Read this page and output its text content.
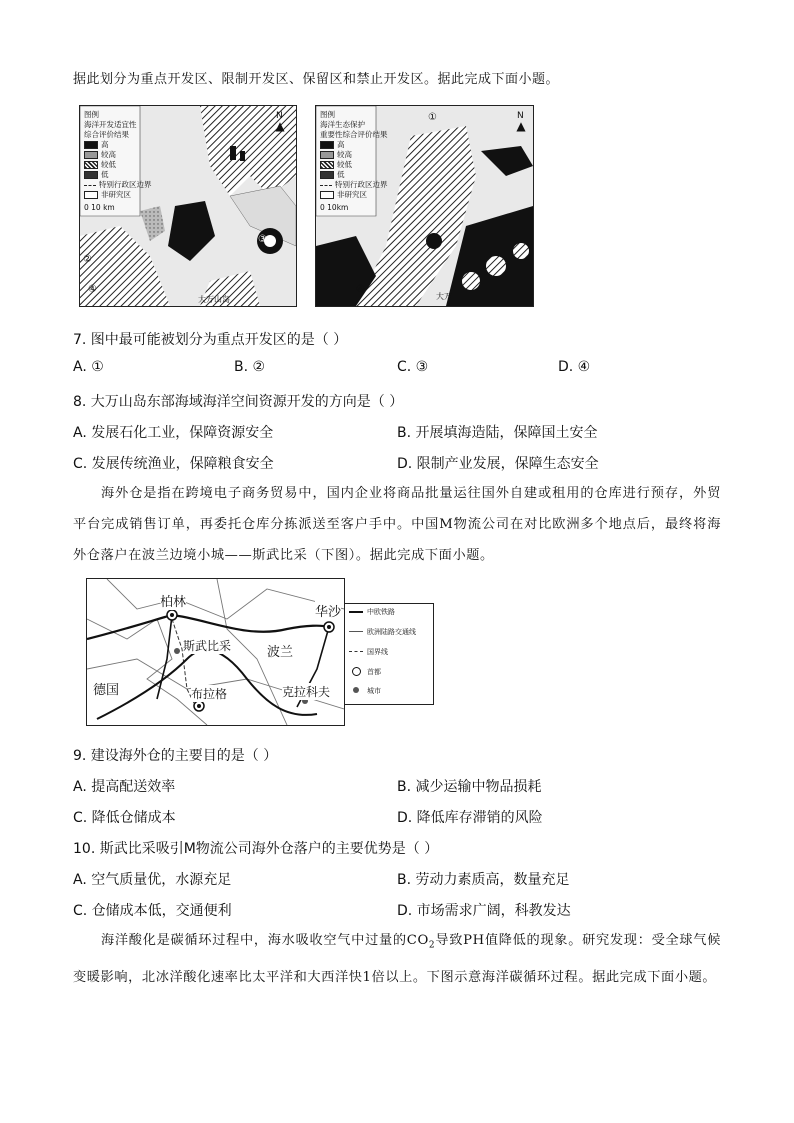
据此划分为重点开发区、限制开发区、保留区和禁止开发区。据此完成下面小题。
▲
图例
海洋开发适宜性
综合评价结果
高
较高
较低
低
特别行政区边界
非研究区
0 10 km
N
②
③
④
大万山岛
▲
图例
海洋生态保护
重要性综合评价结果
高
较高
较低
低
特别行政区边界
非研究区
0 10km
N
①
④
大万
7. 图中最可能被划分为重点开发区的是（ ）
A. ①	B. ②	C. ③	D. ④
8. 大万山岛东部海域海洋空间资源开发的方向是（ ）
A. 发展石化工业，保障资源安全	B. 开展填海造陆，保障国土安全
C. 发展传统渔业，保障粮食安全	D. 限制产业发展，保障生态安全
海外仓是指在跨境电子商务贸易中，国内企业将商品批量运往国外自建或租用的仓库进行预存，外贸平台完成销售订单，再委托仓库分拣派送至客户手中。中国M物流公司在对比欧洲多个地点后，最终将海外仓落户在波兰边境小城——斯武比采（下图）。据此完成下面小题。
柏林
华沙
斯武比采	波兰
德国	布拉格	克拉科夫
中欧铁路
欧洲陆路交通线
国界线
首都
城市
9. 建设海外仓的主要目的是（ ）
A. 提高配送效率	B. 减少运输中物品损耗
C. 降低仓储成本	D. 降低库存滞销的风险
10. 斯武比采吸引M物流公司海外仓落户的主要优势是（ ）
A. 空气质量优，水源充足	B. 劳动力素质高，数量充足
C. 仓储成本低，交通便利	D. 市场需求广阔，科教发达
海洋酸化是碳循环过程中，海水吸收空气中过量的$CO_2$导致PH值降低的现象。研究发现：受全球气候变暖影响，北冰洋酸化速率比太平洋和大西洋快1倍以上。下图示意海洋碳循环过程。据此完成下面小题。
